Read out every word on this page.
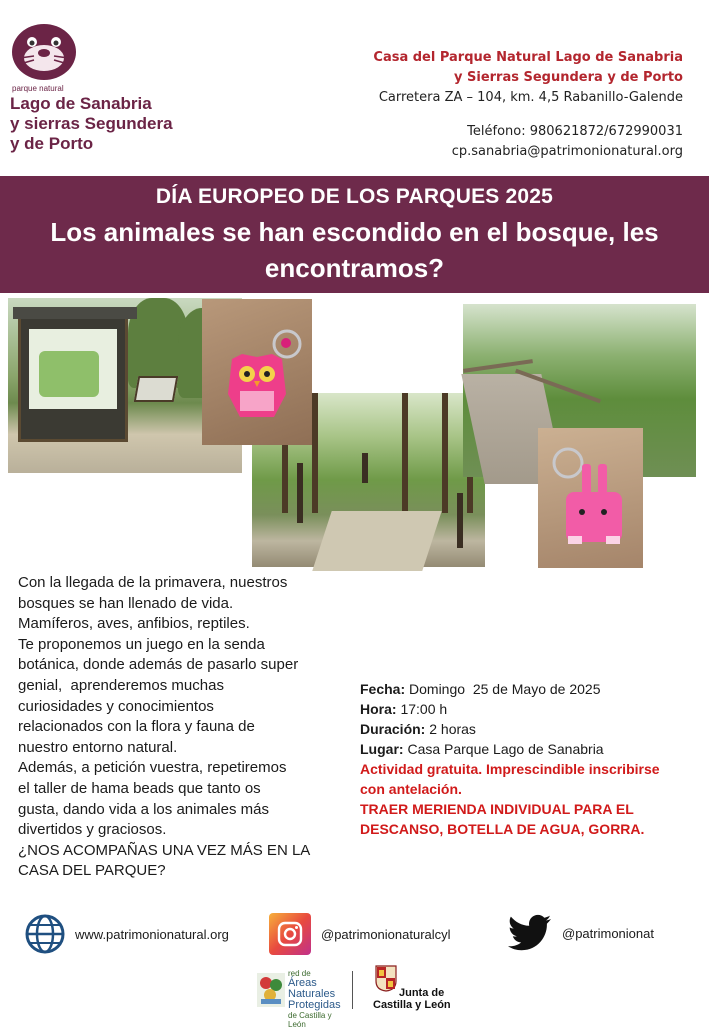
parque natural
Lago de Sanabria
y sierras Segundera
y de Porto
Casa del Parque Natural Lago de Sanabria
y Sierras Segundera y de Porto
Carretera ZA – 104, km. 4,5 Rabanillo-Galende
Teléfono: 980621872/672990031
cp.sanabria@patrimonionatural.org
DÍA EUROPEO DE LOS PARQUES 2025
Los animales se han escondido en el bosque, les encontramos?
Con la llegada de la primavera, nuestros
bosques se han llenado de vida.
Mamíferos, aves, anfibios, reptiles.
Te proponemos un juego en la senda
botánica, donde además de pasarlo super
genial,  aprenderemos muchas
curiosidades y conocimientos
relacionados con la flora y fauna de
nuestro entorno natural.
Además, a petición vuestra, repetiremos
el taller de hama beads que tanto os
gusta, dando vida a los animales más
divertidos y graciosos.
¿NOS ACOMPAÑAS UNA VEZ MÁS EN LA
CASA DEL PARQUE?
Fecha: Domingo  25 de Mayo de 2025
Hora: 17:00 h
Duración: 2 horas
Lugar: Casa Parque Lago de Sanabria
Actividad gratuita. Imprescindible inscribirse
con antelación.
TRAER MERIENDA INDIVIDUAL PARA EL
DESCANSO, BOTELLA DE AGUA, GORRA.
www.patrimonionatural.org	@patrimonionaturalcyl	@patrimonionat
red de
Áreas
Naturales
Protegidas
de Castilla y León
Junta de
Castilla y León
